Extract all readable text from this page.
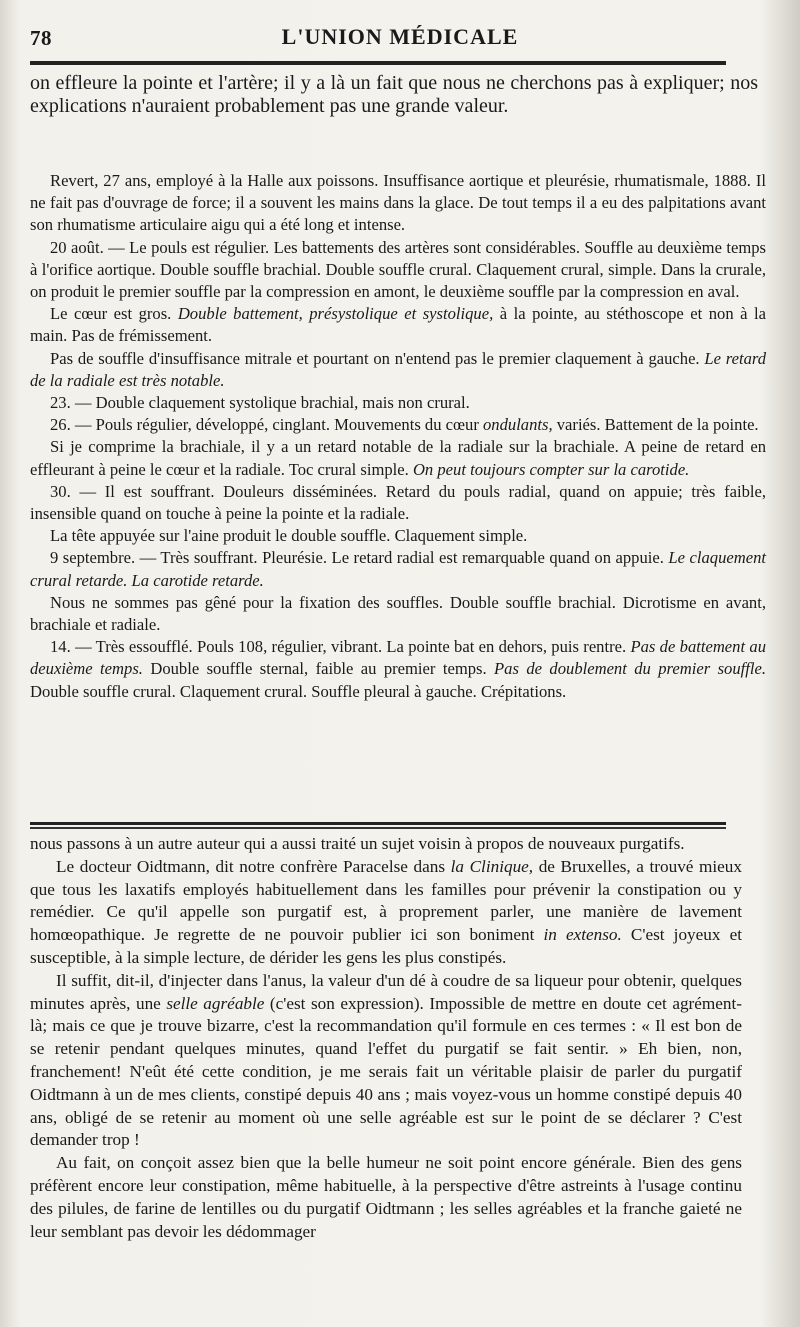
78	L'UNION MÉDICALE
on effleure la pointe et l'artère; il y a là un fait que nous ne cherchons pas à expliquer; nos explications n'auraient probablement pas une grande valeur.

Revert, 27 ans, employé à la Halle aux poissons. Insuffisance aortique et pleurésie, rhumatismale, 1888. Il ne fait pas d'ouvrage de force; il a souvent les mains dans la glace. De tout temps il a eu des palpitations avant son rhumatisme articulaire aigu qui a été long et intense.

20 août. — Le pouls est régulier. Les battements des artères sont considérables. Souffle au deuxième temps à l'orifice aortique. Double souffle brachial. Double souffle crural. Claquement crural, simple. Dans la crurale, on produit le premier souffle par la compression en amont, le deuxième souffle par la compression en aval.

Le cœur est gros. Double battement, présystolique et systolique, à la pointe, au stéthoscope et non à la main. Pas de frémissement.

Pas de souffle d'insuffisance mitrale et pourtant on n'entend pas le premier claquement à gauche. Le retard de la radiale est très notable.

23. — Double claquement systolique brachial, mais non crural.

26. — Pouls régulier, développé, cinglant. Mouvements du cœur ondulants, variés. Battement de la pointe.

Si je comprime la brachiale, il y a un retard notable de la radiale sur la brachiale. A peine de retard en effleurant à peine le cœur et la radiale. Toc crural simple. On peut toujours compter sur la carotide.

30. — Il est souffrant. Douleurs disséminées. Retard du pouls radial, quand on appuie; très faible, insensible quand on touche à peine la pointe et la radiale.

La tête appuyée sur l'aine produit le double souffle. Claquement simple.

9 septembre. — Très souffrant. Pleurésie. Le retard radial est remarquable quand on appuie. Le claquement crural retarde. La carotide retarde.

Nous ne sommes pas gêné pour la fixation des souffles. Double souffle brachial. Dicrotisme en avant, brachiale et radiale.

14. — Très essoufflé. Pouls 108, régulier, vibrant. La pointe bat en dehors, puis rentre. Pas de battement au deuxième temps. Double souffle sternal, faible au premier temps. Pas de doublement du premier souffle. Double souffle crural. Claquement crural. Souffle pleural à gauche. Crépitations.

nous passons à un autre auteur qui a aussi traité un sujet voisin à propos de nouveaux purgatifs.

Le docteur Oidtmann, dit notre confrère Paracelse dans la Clinique, de Bruxelles, a trouvé mieux que tous les laxatifs employés habituellement dans les familles pour prévenir la constipation ou y remédier. Ce qu'il appelle son purgatif est, à proprement parler, une manière de lavement homœopathique. Je regrette de ne pouvoir publier ici son boniment in extenso. C'est joyeux et susceptible, à la simple lecture, de dérider les gens les plus constipés.

Il suffit, dit-il, d'injecter dans l'anus, la valeur d'un dé à coudre de sa liqueur pour obtenir, quelques minutes après, une selle agréable (c'est son expression). Impossible de mettre en doute cet agrément-là; mais ce que je trouve bizarre, c'est la recommandation qu'il formule en ces termes : « Il est bon de se retenir pendant quelques minutes, quand l'effet du purgatif se fait sentir. » Eh bien, non, franchement! N'eût été cette condition, je me serais fait un véritable plaisir de parler du purgatif Oidtmann à un de mes clients, constipé depuis 40 ans ; mais voyez-vous un homme constipé depuis 40 ans, obligé de se retenir au moment où une selle agréable est sur le point de se déclarer ? C'est demander trop !

Au fait, on conçoit assez bien que la belle humeur ne soit point encore générale. Bien des gens préfèrent encore leur constipation, même habituelle, à la perspective d'être astreints à l'usage continu des pilules, de farine de lentilles ou du purgatif Oidtmann ; les selles agréables et la franche gaieté ne leur semblant pas devoir les dédommager
